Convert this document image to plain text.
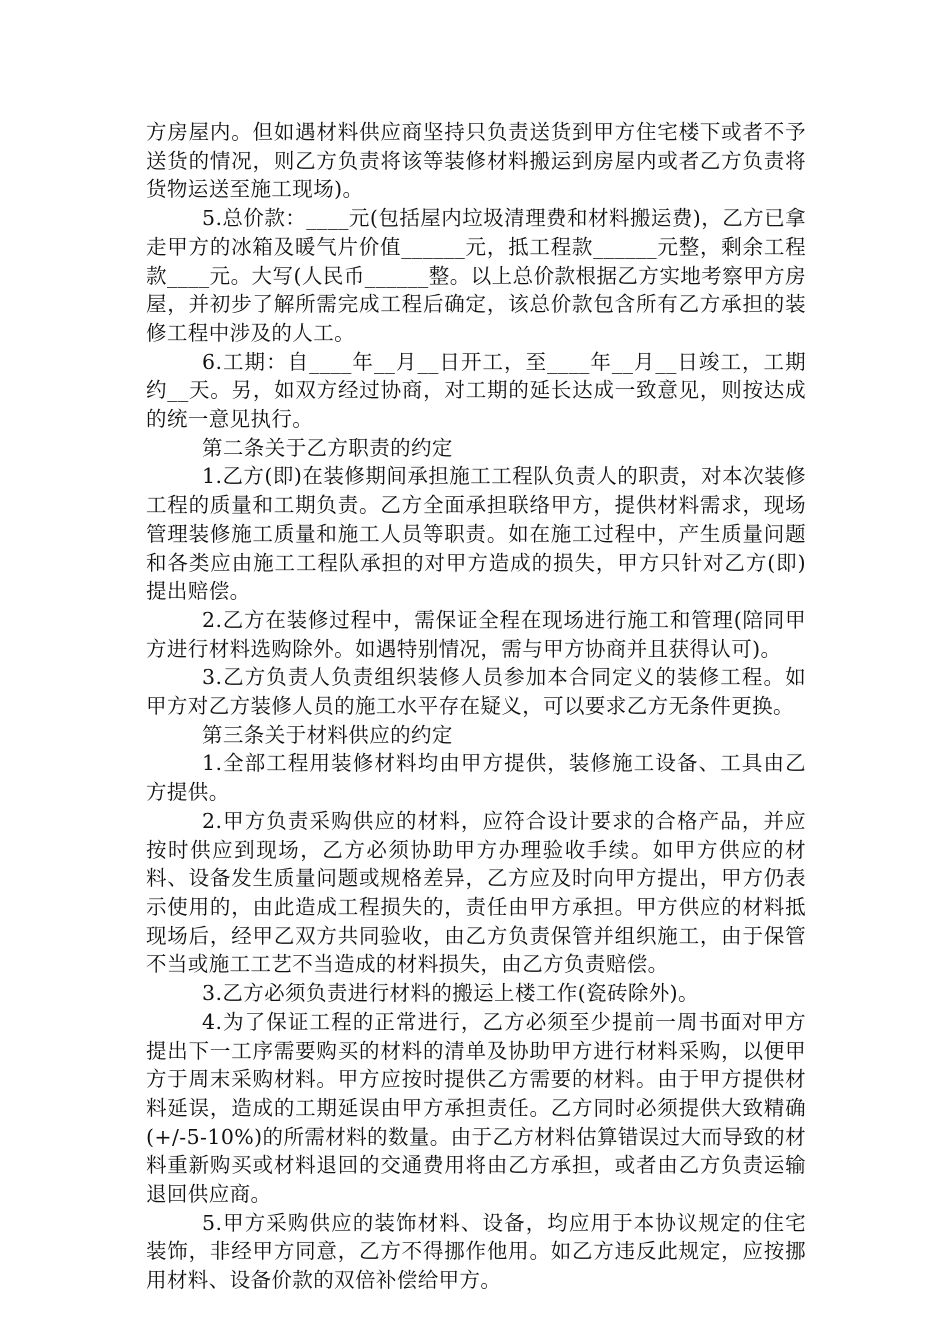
方房屋内。但如遇材料供应商坚持只负责送货到甲方住宅楼下或者不予送货的情况，则乙方负责将该等装修材料搬运到房屋内或者乙方负责将货物运送至施工现场)。

5.总价款：____元(包括屋内垃圾清理费和材料搬运费)，乙方已拿走甲方的冰箱及暖气片价值______元，抵工程款______元整，剩余工程款____元。大写(人民币______整。以上总价款根据乙方实地考察甲方房屋，并初步了解所需完成工程后确定，该总价款包含所有乙方承担的装修工程中涉及的人工。

6.工期：自____年__月__日开工，至____年__月__日竣工，工期约__天。另，如双方经过协商，对工期的延长达成一致意见，则按达成的统一意见执行。

第二条关于乙方职责的约定

1.乙方(即)在装修期间承担施工工程队负责人的职责，对本次装修工程的质量和工期负责。乙方全面承担联络甲方，提供材料需求，现场管理装修施工质量和施工人员等职责。如在施工过程中，产生质量问题和各类应由施工工程队承担的对甲方造成的损失，甲方只针对乙方(即)提出赔偿。

2.乙方在装修过程中，需保证全程在现场进行施工和管理(陪同甲方进行材料选购除外。如遇特别情况，需与甲方协商并且获得认可)。

3.乙方负责人负责组织装修人员参加本合同定义的装修工程。如甲方对乙方装修人员的施工水平存在疑义，可以要求乙方无条件更换。

第三条关于材料供应的约定

1.全部工程用装修材料均由甲方提供，装修施工设备、工具由乙方提供。

2.甲方负责采购供应的材料，应符合设计要求的合格产品，并应按时供应到现场，乙方必须协助甲方办理验收手续。如甲方供应的材料、设备发生质量问题或规格差异，乙方应及时向甲方提出，甲方仍表示使用的，由此造成工程损失的，责任由甲方承担。甲方供应的材料抵现场后，经甲乙双方共同验收，由乙方负责保管并组织施工，由于保管不当或施工工艺不当造成的材料损失，由乙方负责赔偿。

3.乙方必须负责进行材料的搬运上楼工作(瓷砖除外)。

4.为了保证工程的正常进行，乙方必须至少提前一周书面对甲方提出下一工序需要购买的材料的清单及协助甲方进行材料采购，以便甲方于周末采购材料。甲方应按时提供乙方需要的材料。由于甲方提供材料延误，造成的工期延误由甲方承担责任。乙方同时必须提供大致精确(+/-5-10%)的所需材料的数量。由于乙方材料估算错误过大而导致的材料重新购买或材料退回的交通费用将由乙方承担，或者由乙方负责运输退回供应商。

5.甲方采购供应的装饰材料、设备，均应用于本协议规定的住宅装饰，非经甲方同意，乙方不得挪作他用。如乙方违反此规定，应按挪用材料、设备价款的双倍补偿给甲方。
